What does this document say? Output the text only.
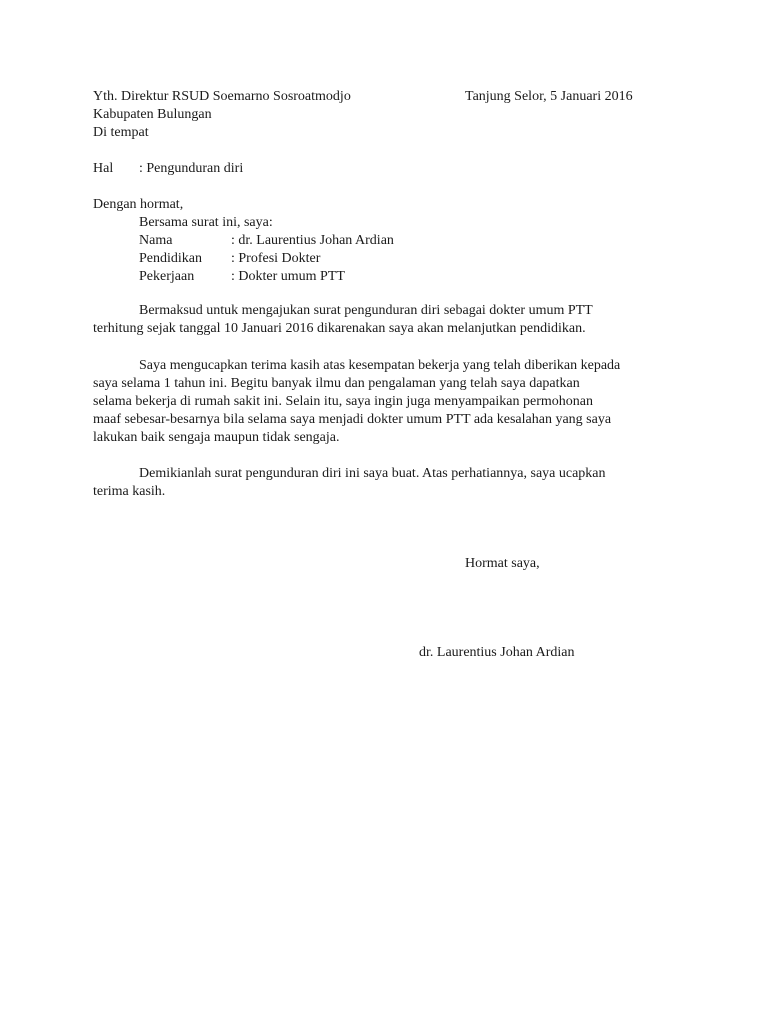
Yth. Direktur RSUD Soemarno Sosroatmodjo	Tanjung Selor, 5 Januari 2016
Kabupaten Bulungan
Di tempat
Hal : Pengunduran diri
Dengan hormat,
Bersama surat ini, saya:
Nama	: dr. Laurentius Johan Ardian
Pendidikan : Profesi Dokter
Pekerjaan	: Dokter umum PTT
Bermaksud untuk mengajukan surat pengunduran diri sebagai dokter umum PTT
terhitung sejak tanggal 10 Januari 2016 dikarenakan saya akan melanjutkan pendidikan.
Saya mengucapkan terima kasih atas kesempatan bekerja yang telah diberikan kepada
saya selama 1 tahun ini. Begitu banyak ilmu dan pengalaman yang telah saya dapatkan
selama bekerja di rumah sakit ini. Selain itu, saya ingin juga menyampaikan permohonan
maaf sebesar-besarnya bila selama saya menjadi dokter umum PTT ada kesalahan yang saya
lakukan baik sengaja maupun tidak sengaja.
Demikianlah surat pengunduran diri ini saya buat. Atas perhatiannya, saya ucapkan
terima kasih.
Hormat saya,
dr. Laurentius Johan Ardian
